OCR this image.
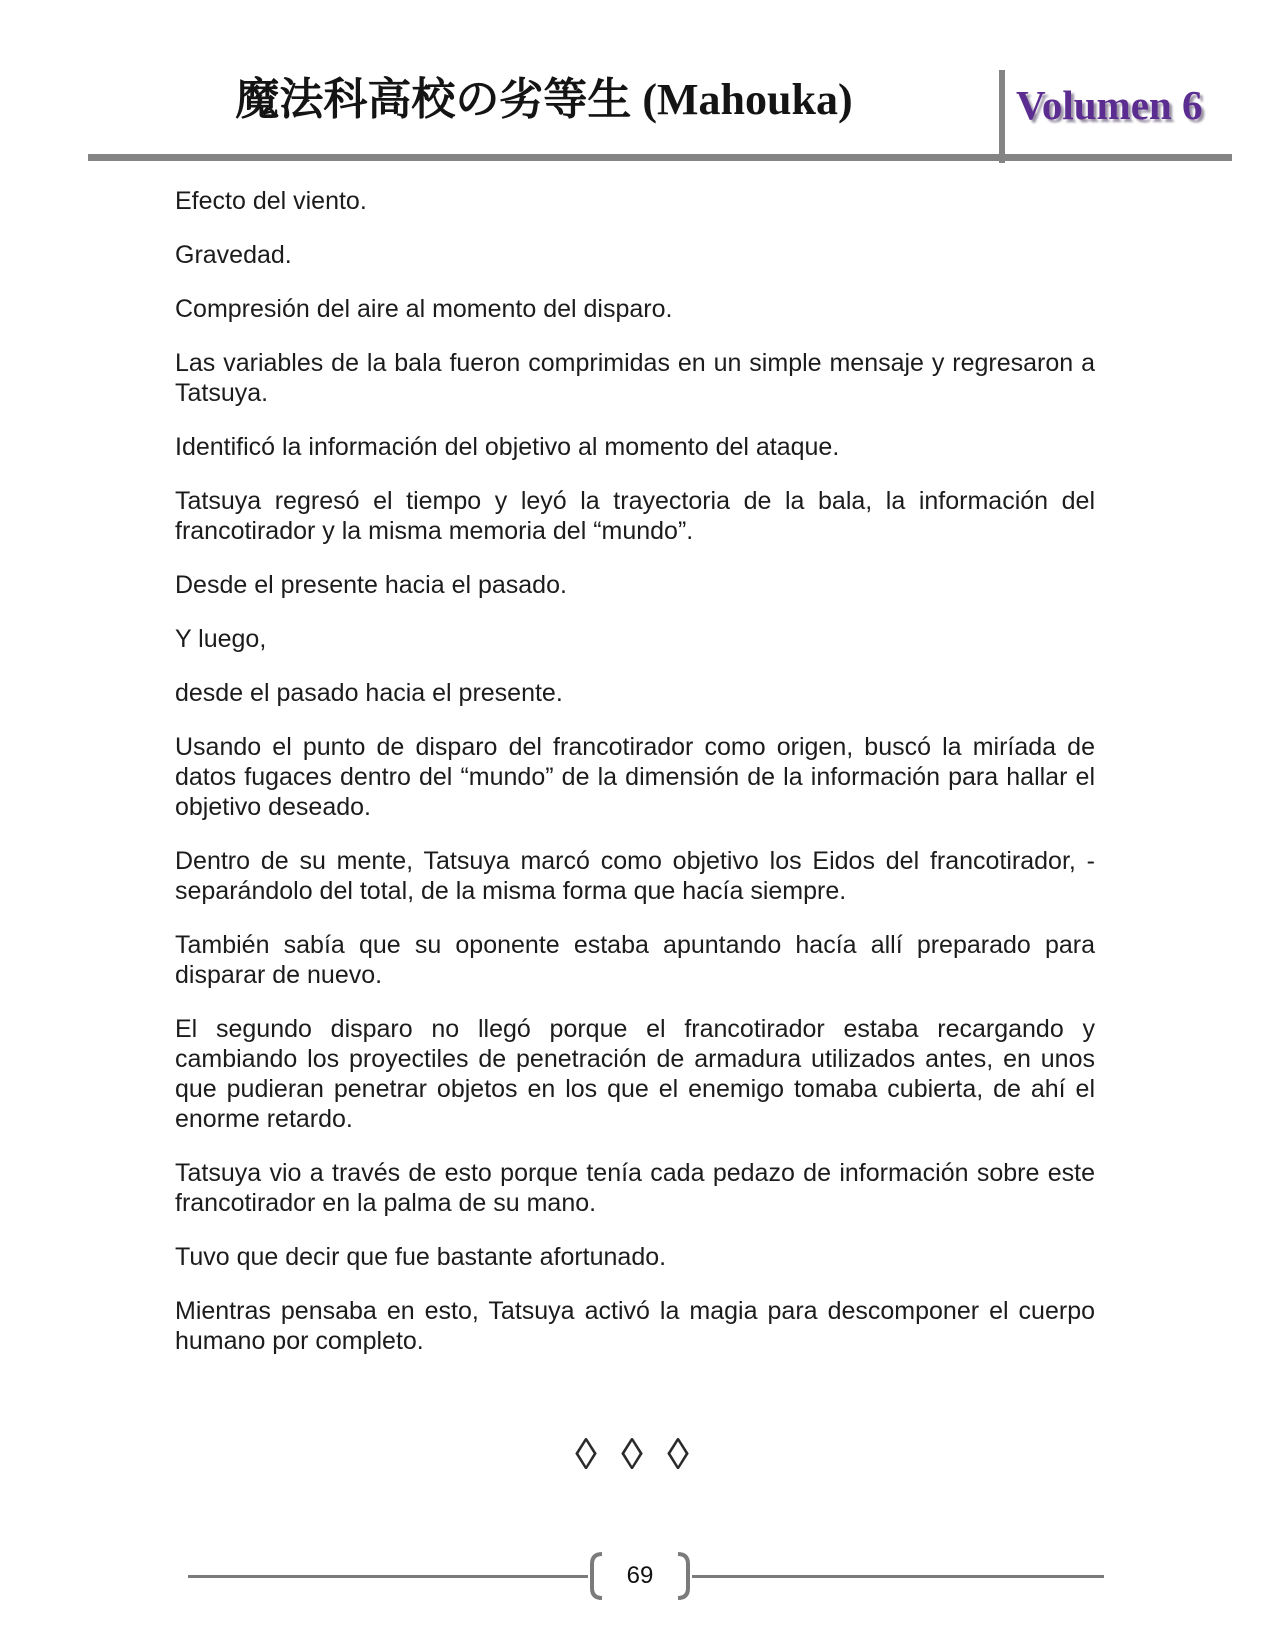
魔法科高校の劣等生 (Mahouka)	Volumen 6

Efecto del viento.

Gravedad.

Compresión del aire al momento del disparo.

Las variables de la bala fueron comprimidas en un simple mensaje y regresaron a Tatsuya.

Identificó la información del objetivo al momento del ataque.

Tatsuya regresó el tiempo y leyó la trayectoria de la bala, la información del francotirador y la misma memoria del “mundo”.

Desde el presente hacia el pasado.

Y luego,

desde el pasado hacia el presente.

Usando el punto de disparo del francotirador como origen, buscó la miríada de datos fugaces dentro del “mundo” de la dimensión de la información para hallar el objetivo deseado.

Dentro de su mente, Tatsuya marcó como objetivo los Eidos del francotirador, - separándolo del total, de la misma forma que hacía siempre.

También sabía que su oponente estaba apuntando hacía allí preparado para disparar de nuevo.

El segundo disparo no llegó porque el francotirador estaba recargando y cambiando los proyectiles de penetración de armadura utilizados antes, en unos que pudieran penetrar objetos en los que el enemigo tomaba cubierta, de ahí el enorme retardo.

Tatsuya vio a través de esto porque tenía cada pedazo de información sobre este francotirador en la palma de su mano.

Tuvo que decir que fue bastante afortunado.

Mientras pensaba en esto, Tatsuya activó la magia para descomponer el cuerpo humano por completo.

◊ ◊ ◊
69
